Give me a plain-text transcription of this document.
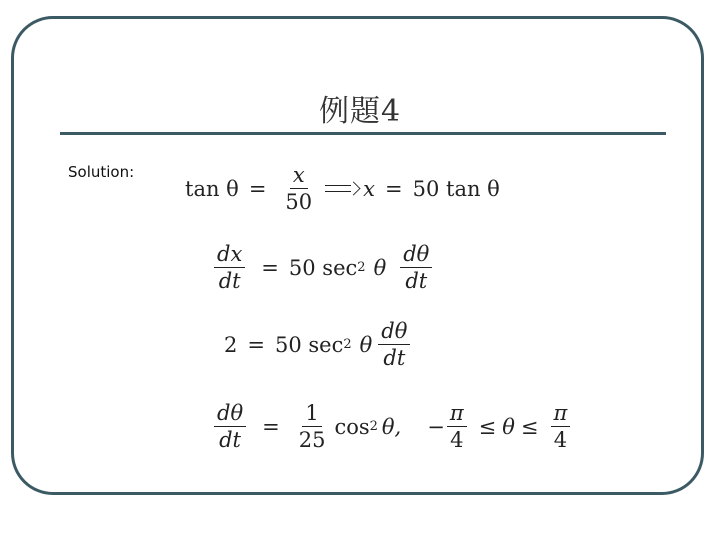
例題4
Solution:
$\tan \theta = \frac{x}{50}$ x = 50 tan θ
$\frac{dx}{dt} = 50$ sec 2 θ $\frac{d\theta}{dt}$
2 = 50 sec 2 θ $\frac{d\theta}{dt}$
$\frac{d\theta}{dt} = \frac{1}{25}$ cos 2 θ, − $\frac{\pi}{4} \le \theta \le \frac{\pi}{4}$
